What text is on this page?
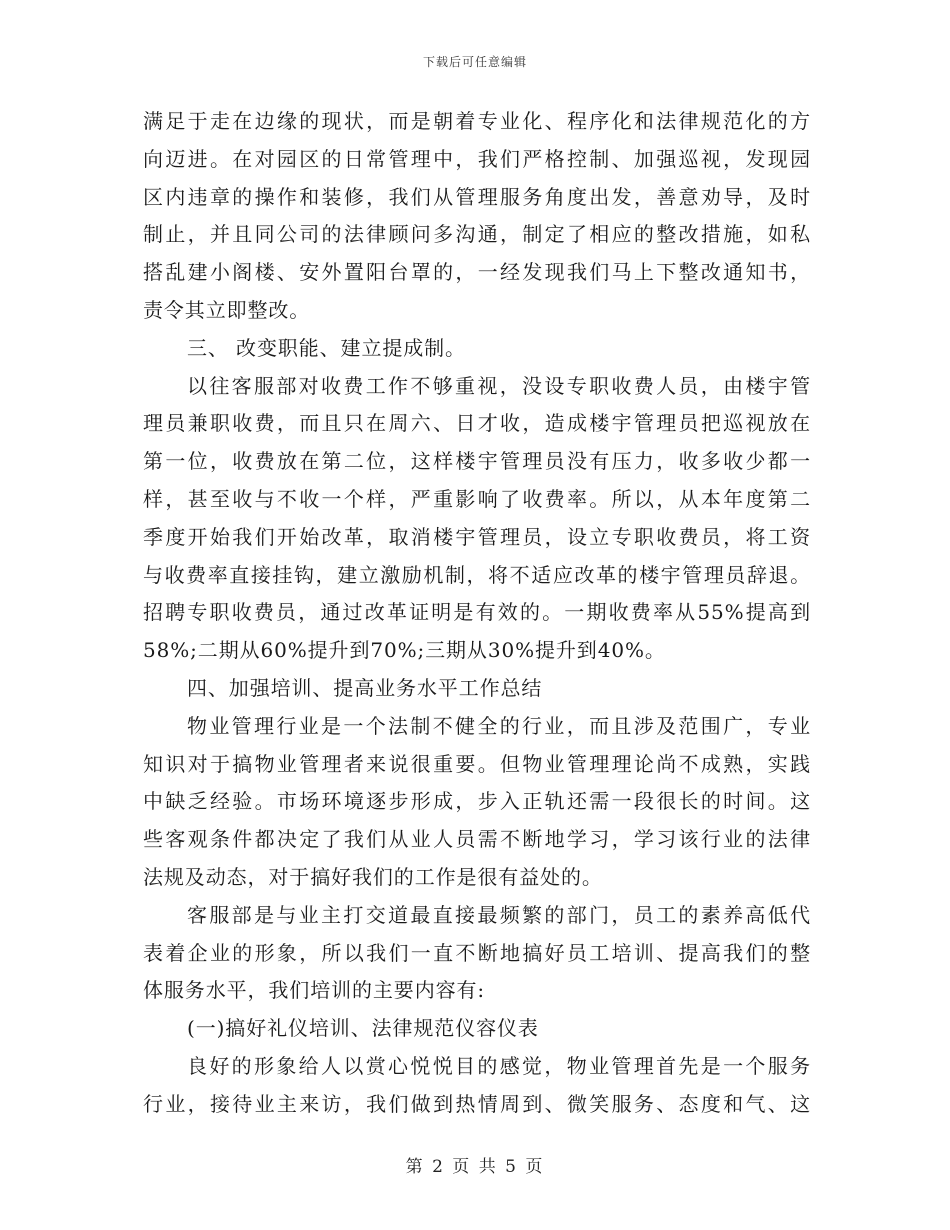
下载后可任意编辑
满足于走在边缘的现状，而是朝着专业化、程序化和法律规范化的方
向迈进。在对园区的日常管理中，我们严格控制、加强巡视，发现园
区内违章的操作和装修，我们从管理服务角度出发，善意劝导，及时
制止，并且同公司的法律顾问多沟通，制定了相应的整改措施，如私
搭乱建小阁楼、安外置阳台罩的，一经发现我们马上下整改通知书，
责令其立即整改。
三、 改变职能、建立提成制。
以往客服部对收费工作不够重视，没设专职收费人员，由楼宇管
理员兼职收费，而且只在周六、日才收，造成楼宇管理员把巡视放在
第一位，收费放在第二位，这样楼宇管理员没有压力，收多收少都一
样，甚至收与不收一个样，严重影响了收费率。所以，从本年度第二
季度开始我们开始改革，取消楼宇管理员，设立专职收费员，将工资
与收费率直接挂钩，建立激励机制，将不适应改革的楼宇管理员辞退。
招聘专职收费员，通过改革证明是有效的。一期收费率从55%提高到
58%;二期从60%提升到70%;三期从30%提升到40%。
四、加强培训、提高业务水平工作总结
物业管理行业是一个法制不健全的行业，而且涉及范围广，专业
知识对于搞物业管理者来说很重要。但物业管理理论尚不成熟，实践
中缺乏经验。市场环境逐步形成，步入正轨还需一段很长的时间。这
些客观条件都决定了我们从业人员需不断地学习，学习该行业的法律
法规及动态，对于搞好我们的工作是很有益处的。
客服部是与业主打交道最直接最频繁的部门，员工的素养高低代
表着企业的形象，所以我们一直不断地搞好员工培训、提高我们的整
体服务水平，我们培训的主要内容有:
(一)搞好礼仪培训、法律规范仪容仪表
良好的形象给人以赏心悦悦目的感觉，物业管理首先是一个服务
行业，接待业主来访，我们做到热情周到、微笑服务、态度和气、这
第 2 页 共 5 页
